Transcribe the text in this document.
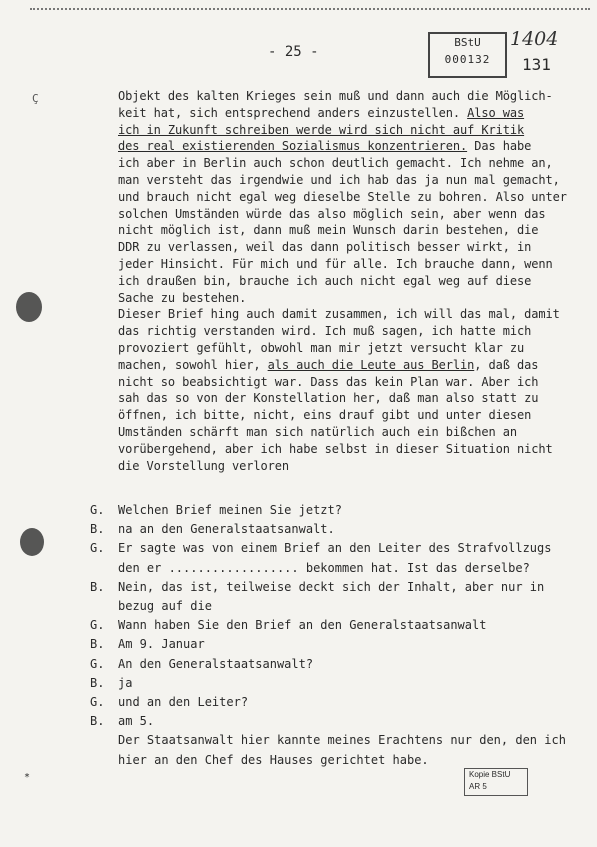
- 25 -
BStU
000132
1404
131
Ç	Objekt des kalten Krieges sein muß und dann auch die Möglich-
keit hat, sich entsprechend anders einzustellen. Also was
ich in Zukunft schreiben werde wird sich nicht auf Kritik
des real existierenden Sozialismus konzentrieren. Das habe
ich aber in Berlin auch schon deutlich gemacht. Ich nehme an,
man versteht das irgendwie und ich hab das ja nun mal gemacht,
und brauch nicht egal weg dieselbe Stelle zu bohren. Also unter
solchen Umständen würde das also möglich sein, aber wenn das
nicht möglich ist, dann muß mein Wunsch darin bestehen, die
DDR zu verlassen, weil das dann politisch besser wirkt, in
jeder Hinsicht. Für mich und für alle. Ich brauche dann, wenn
ich draußen bin, brauche ich auch nicht egal weg auf diese
Sache zu bestehen.
Dieser Brief hing auch damit zusammen, ich will das mal, damit
das richtig verstanden wird. Ich muß sagen, ich hatte mich
provoziert gefühlt, obwohl man mir jetzt versucht klar zu
machen, sowohl hier, als auch die Leute aus Berlin, daß das
nicht so beabsichtigt war. Dass das kein Plan war. Aber ich
sah das so von der Konstellation her, daß man also statt zu
öffnen, ich bitte, nicht, eins drauf gibt und unter diesen
Umständen schärft man sich natürlich auch ein bißchen an
vorübergehend, aber ich habe selbst in dieser Situation nicht
die Vorstellung verloren
G. Welchen Brief meinen Sie jetzt?
B. na an den Generalstaatsanwalt.
G. Er sagte was von einem Brief an den Leiter des Strafvollzugs
den er .................. bekommen hat. Ist das derselbe?
B. Nein, das ist, teilweise deckt sich der Inhalt, aber nur in
bezug auf die
G. Wann haben Sie den Brief an den Generalstaatsanwalt
B. Am 9. Januar
G. An den Generalstaatsanwalt?
B. ja
G. und an den Leiter?
B. am 5.
Der Staatsanwalt hier kannte meines Erachtens nur den, den ich
hier an den Chef des Hauses gerichtet habe.
Kopie BStU
AR 5
*
